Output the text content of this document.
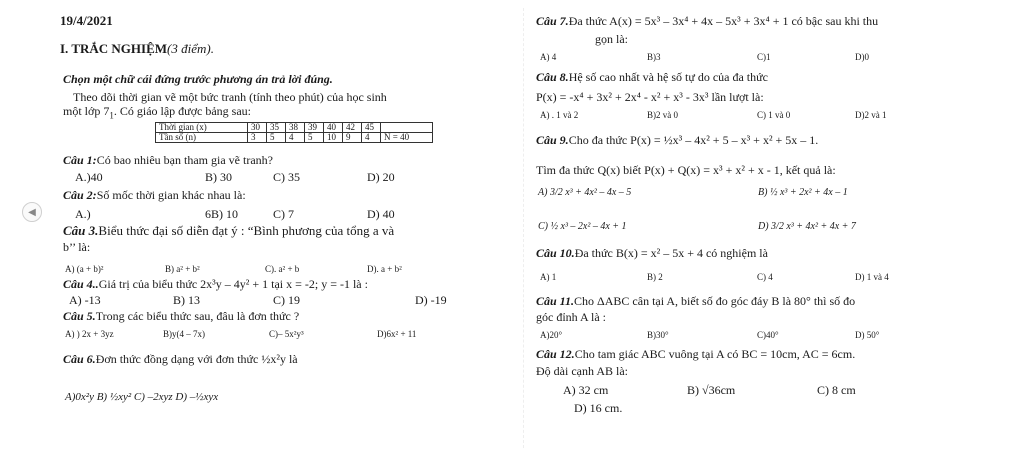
◀
19/4/2021
I. TRẮC NGHIỆM(3 điểm).
Chọn một chữ cái đứng trước phương án trả lời đúng.
Theo dõi thời gian vẽ một bức tranh (tính theo phút) của học sinh
một lớp $7_1$. Có giáo lập được bảng sau:
Thời gian (x)	30	35	38	39	40	42	45	
Tần số (n)	3	5	4	5	10	9	4	N = 40
Câu 1:Có bao nhiêu bạn tham gia vẽ tranh?
A.)40	B) 30	C) 35	D) 20
Câu 2:Số mốc thời gian khác nhau là:
A.)	6B) 10	C) 7	D) 40
Câu 3.Biểu thức đại số diễn đạt ý : “Bình phương của tổng a và
b’’ là:
A) (a + b)²	B) a² + b²	C). a² + b	D). a + b²
Câu 4..Giá trị của biểu thức 2x³y – 4y² + 1 tại x = -2; y = -1 là :
A) -13	B) 13	C) 19	D) -19
Câu 5.Trong các biểu thức sau, đâu là đơn thức ?
A) ) 2x + 3yz	B)y(4 – 7x)	C)– 5x²y³	D)6x² + 11
Câu 6.Đơn thức đồng dạng với đơn thức ½x²y là
A)0x²y B) ½xy² C) –2xyz D) –½xyx
Câu 7.Đa thức A(x) = 5x³ – 3x⁴ + 4x – 5x³ + 3x⁴ + 1 có bậc sau khi thu
gọn là:
A) 4	B)3	C)1	D)0
Câu 8.Hệ số cao nhất và hệ số tự do của đa thức
P(x) = -x⁴ + 3x² + 2x⁴ - x² + x³ - 3x³ lần lượt là:
A) . 1 và 2	B)2 và 0	C) 1 và 0	D)2 và 1
Câu 9.Cho đa thức P(x) = ½x³ – 4x² + 5 – x³ + x² + 5x – 1.
Tìm đa thức Q(x) biết P(x) + Q(x) = x³ + x² + x - 1, kết quả là:
A) 3/2 x³ + 4x² – 4x – 5	B) ½ x³ + 2x² + 4x – 1
C) ½ x³ – 2x² – 4x + 1	D) 3/2 x³ + 4x² + 4x + 7
Câu 10.Đa thức B(x) = x² – 5x + 4 có nghiệm là
A) 1	B) 2	C) 4	D) 1 và 4
Câu 11.Cho ΔABC cân tại A, biết số đo góc đáy B là 80° thì số đo
góc đỉnh A là :
A)20°	B)30°	C)40°	D) 50°
Câu 12.Cho tam giác ABC vuông tại A có BC = 10cm, AC = 6cm.
Độ dài cạnh AB là:
A) 32 cm	B) √36cm	C) 8 cm
D) 16 cm.
